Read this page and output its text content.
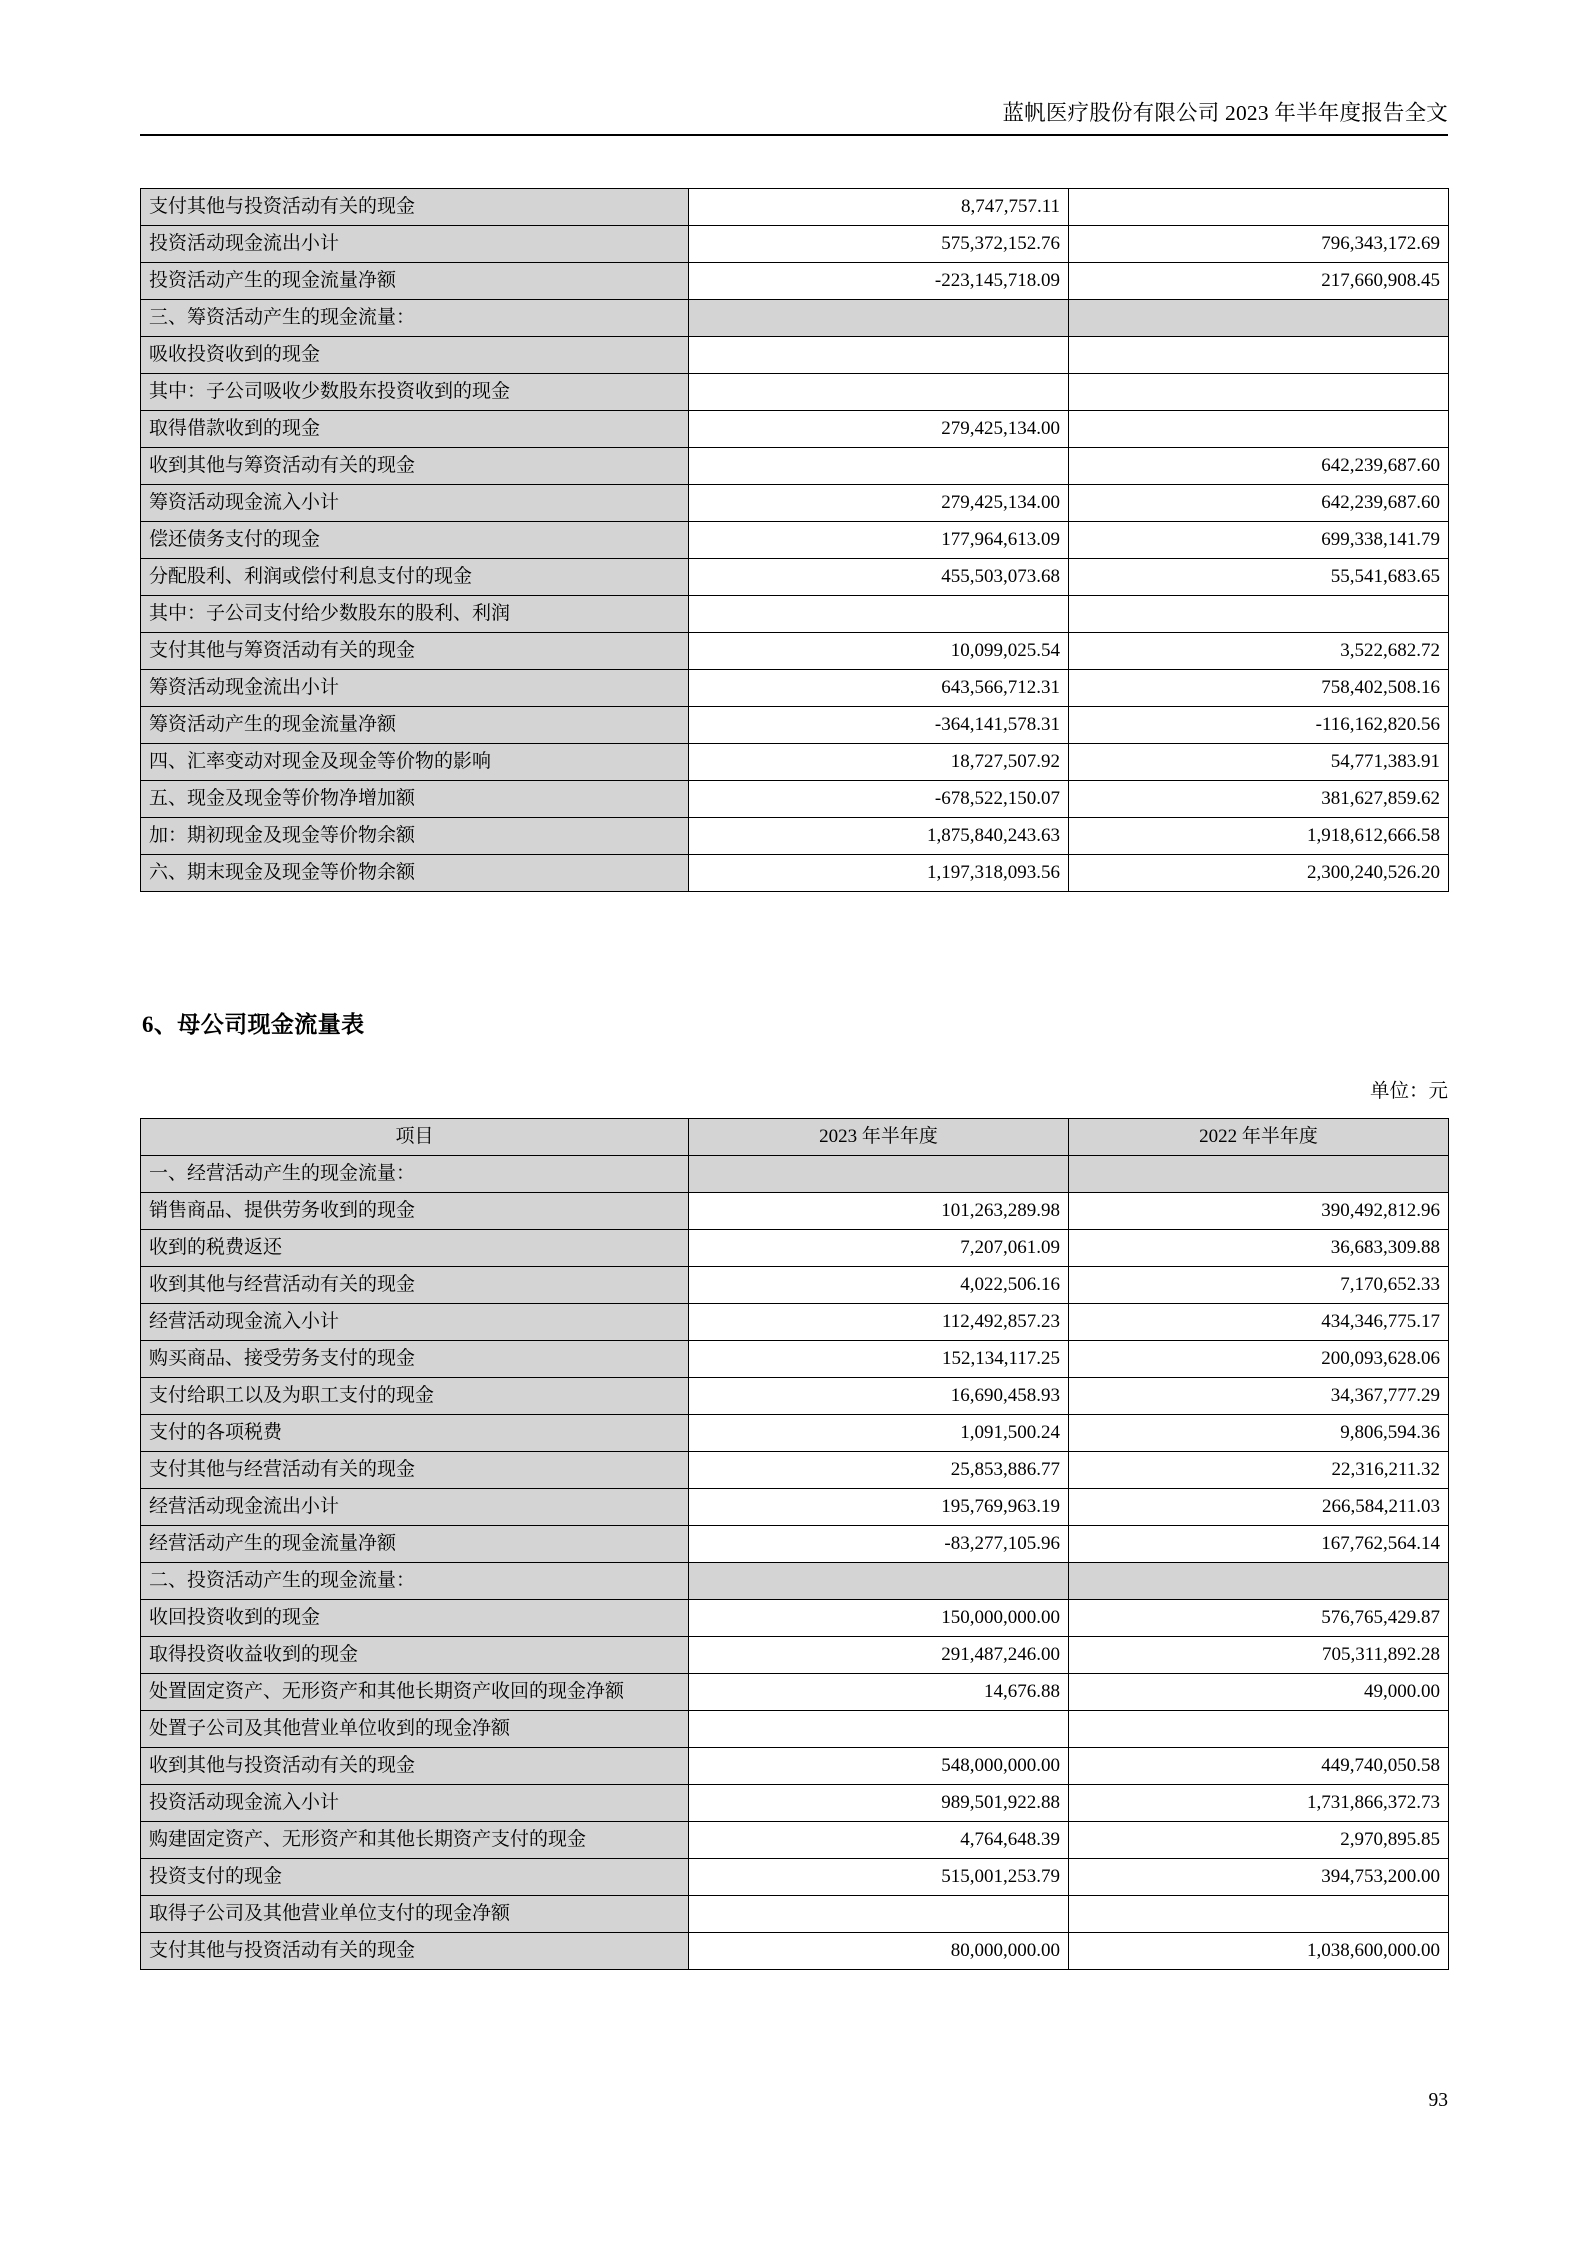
蓝帆医疗股份有限公司 2023 年半年度报告全文
支付其他与投资活动有关的现金	8,747,757.11	
投资活动现金流出小计	575,372,152.76	796,343,172.69
投资活动产生的现金流量净额	-223,145,718.09	217,660,908.45
三、筹资活动产生的现金流量：		
吸收投资收到的现金		
其中：子公司吸收少数股东投资收到的现金		
取得借款收到的现金	279,425,134.00	
收到其他与筹资活动有关的现金		642,239,687.60
筹资活动现金流入小计	279,425,134.00	642,239,687.60
偿还债务支付的现金	177,964,613.09	699,338,141.79
分配股利、利润或偿付利息支付的现金	455,503,073.68	55,541,683.65
其中：子公司支付给少数股东的股利、利润		
支付其他与筹资活动有关的现金	10,099,025.54	3,522,682.72
筹资活动现金流出小计	643,566,712.31	758,402,508.16
筹资活动产生的现金流量净额	-364,141,578.31	-116,162,820.56
四、汇率变动对现金及现金等价物的影响	18,727,507.92	54,771,383.91
五、现金及现金等价物净增加额	-678,522,150.07	381,627,859.62
加：期初现金及现金等价物余额	1,875,840,243.63	1,918,612,666.58
六、期末现金及现金等价物余额	1,197,318,093.56	2,300,240,526.20
6、母公司现金流量表
单位：元
项目	2023 年半年度	2022 年半年度
一、经营活动产生的现金流量：		
销售商品、提供劳务收到的现金	101,263,289.98	390,492,812.96
收到的税费返还	7,207,061.09	36,683,309.88
收到其他与经营活动有关的现金	4,022,506.16	7,170,652.33
经营活动现金流入小计	112,492,857.23	434,346,775.17
购买商品、接受劳务支付的现金	152,134,117.25	200,093,628.06
支付给职工以及为职工支付的现金	16,690,458.93	34,367,777.29
支付的各项税费	1,091,500.24	9,806,594.36
支付其他与经营活动有关的现金	25,853,886.77	22,316,211.32
经营活动现金流出小计	195,769,963.19	266,584,211.03
经营活动产生的现金流量净额	-83,277,105.96	167,762,564.14
二、投资活动产生的现金流量：		
收回投资收到的现金	150,000,000.00	576,765,429.87
取得投资收益收到的现金	291,487,246.00	705,311,892.28
处置固定资产、无形资产和其他长期资产收回的现金净额	14,676.88	49,000.00
处置子公司及其他营业单位收到的现金净额		
收到其他与投资活动有关的现金	548,000,000.00	449,740,050.58
投资活动现金流入小计	989,501,922.88	1,731,866,372.73
购建固定资产、无形资产和其他长期资产支付的现金	4,764,648.39	2,970,895.85
投资支付的现金	515,001,253.79	394,753,200.00
取得子公司及其他营业单位支付的现金净额		
支付其他与投资活动有关的现金	80,000,000.00	1,038,600,000.00
93
